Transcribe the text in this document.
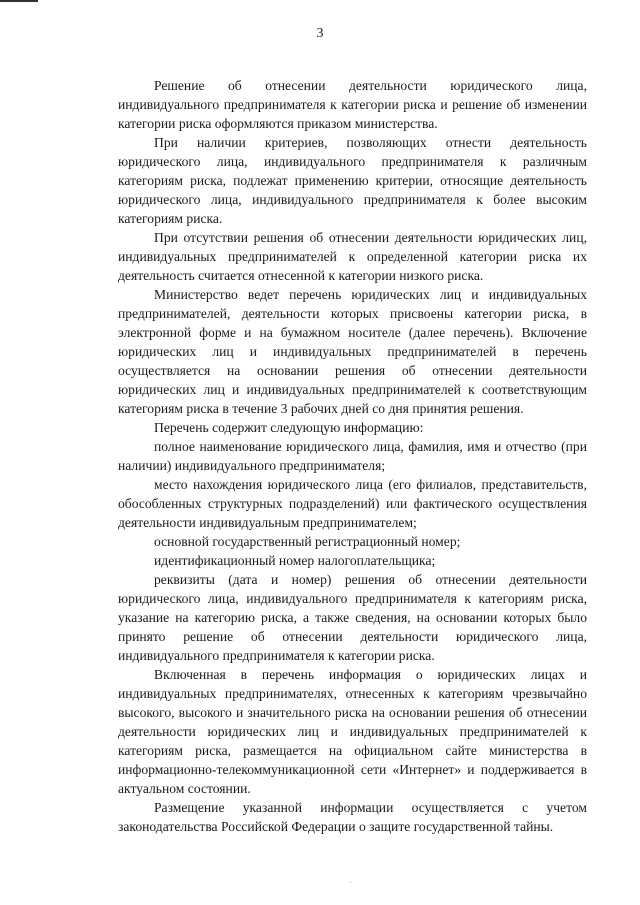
3

Решение об отнесении деятельности юридического лица, индивидуального предпринимателя к категории риска и решение об изменении категории риска оформляются приказом министерства.

При наличии критериев, позволяющих отнести деятельность юридического лица, индивидуального предпринимателя к различным категориям риска, подлежат применению критерии, относящие деятельность юридического лица, индивидуального предпринимателя к более высоким категориям риска.

При отсутствии решения об отнесении деятельности юридических лиц, индивидуальных предпринимателей к определенной категории риска их деятельность считается отнесенной к категории низкого риска.

Министерство ведет перечень юридических лиц и индивидуальных предпринимателей, деятельности которых присвоены категории риска, в электронной форме и на бумажном носителе (далее перечень). Включение юридических лиц и индивидуальных предпринимателей в перечень осуществляется на основании решения об отнесении деятельности юридических лиц и индивидуальных предпринимателей к соответствующим категориям риска в течение 3 рабочих дней со дня принятия решения.

Перечень содержит следующую информацию:

полное наименование юридического лица, фамилия, имя и отчество (при наличии) индивидуального предпринимателя;

место нахождения юридического лица (его филиалов, представительств, обособленных структурных подразделений) или фактического осуществления деятельности индивидуальным предпринимателем;

основной государственный регистрационный номер;

идентификационный номер налогоплательщика;

реквизиты (дата и номер) решения об отнесении деятельности юридического лица, индивидуального предпринимателя к категориям риска, указание на категорию риска, а также сведения, на основании которых было принято решение об отнесении деятельности юридического лица, индивидуального предпринимателя к категории риска.

Включенная в перечень информация о юридических лицах и индивидуальных предпринимателях, отнесенных к категориям чрезвычайно высокого, высокого и значительного риска на основании решения об отнесении деятельности юридических лиц и индивидуальных предпринимателей к категориям риска, размещается на официальном сайте министерства в информационно-телекоммуникационной сети «Интернет» и поддерживается в актуальном состоянии.

Размещение указанной информации осуществляется с учетом законодательства Российской Федерации о защите государственной тайны.

·
